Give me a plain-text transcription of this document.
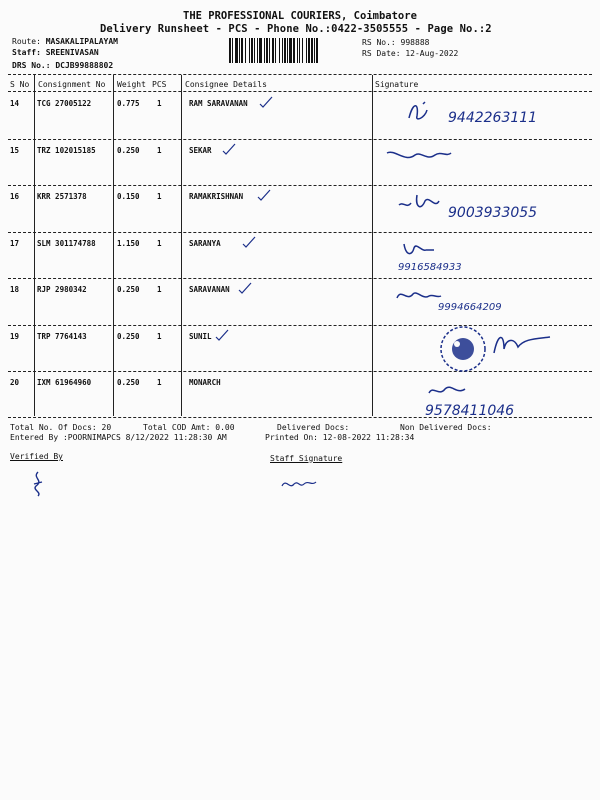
THE PROFESSIONAL COURIERS, Coimbatore
Delivery Runsheet - PCS - Phone No.:0422-3505555 - Page No.:2
Route: MASAKALIPALAYAM
Staff: SREENIVASAN
DRS No.: DCJB99888802
RS No.: 998888
RS Date: 12-Aug-2022
S No Consignment No Weight PCS Consignee Details	Signature
14 TCG 27005122	0.775 1	RAM SARAVANAN
9442263111
15 TRZ 102015185	0.250 1	SEKAR
16 KRR 2571378	0.150 1	RAMAKRISHNAN
9003933055
17 SLM 301174788	1.150 1	SARANYA
9916584933
18 RJP 2980342	0.250 1	SARAVANAN
9994664209
19 TRP 7764143	0.250 1	SUNIL
20 IXM 61964960	0.250 1	MONARCH
9578411046
Total No. Of Docs: 20	Total COD Amt: 0.00	Delivered Docs:	Non Delivered Docs:
Entered By :POORNIMAPCS 8/12/2022 11:28:30 AM	Printed On: 12-08-2022 11:28:34
Verified By	Staff Signature
